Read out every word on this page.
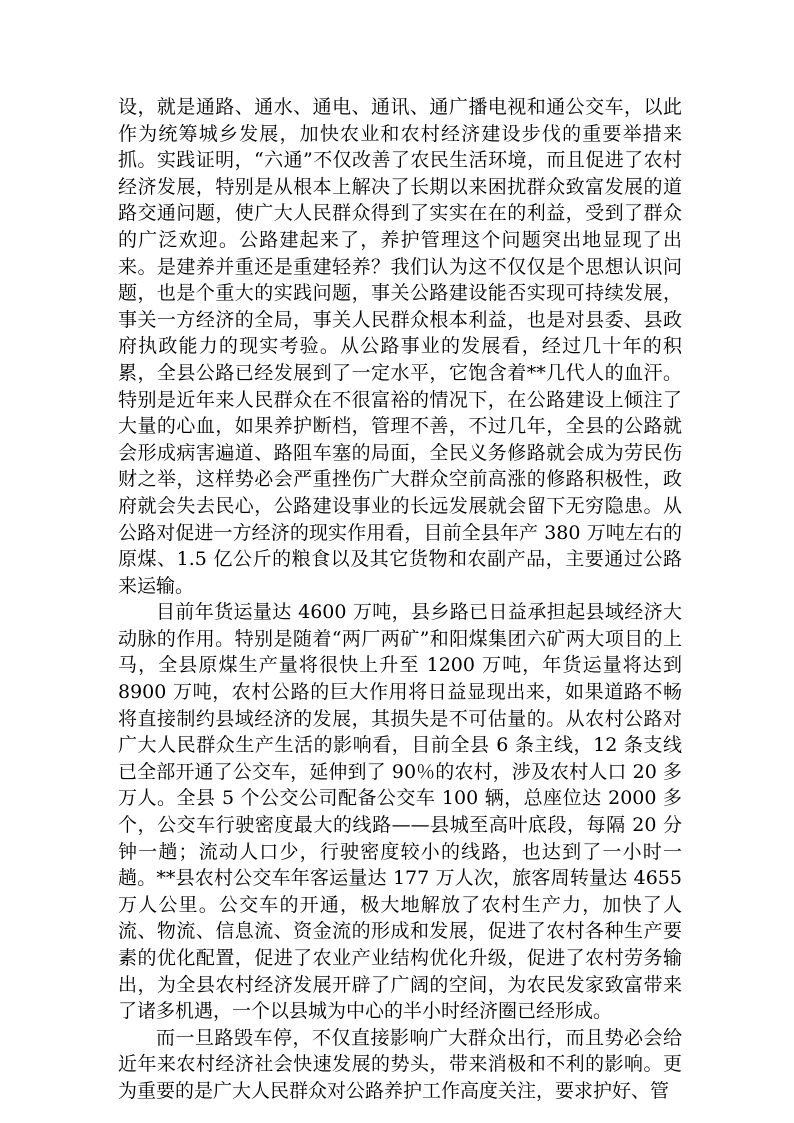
设，就是通路、通水、通电、通讯、通广播电视和通公交车，以此作为统筹城乡发展，加快农业和农村经济建设步伐的重要举措来抓。实践证明，“六通”不仅改善了农民生活环境，而且促进了农村经济发展，特别是从根本上解决了长期以来困扰群众致富发展的道路交通问题，使广大人民群众得到了实实在在的利益，受到了群众的广泛欢迎。公路建起来了，养护管理这个问题突出地显现了出来。是建养并重还是重建轻养？我们认为这不仅仅是个思想认识问题，也是个重大的实践问题，事关公路建设能否实现可持续发展，事关一方经济的全局，事关人民群众根本利益，也是对县委、县政府执政能力的现实考验。从公路事业的发展看，经过几十年的积累，全县公路已经发展到了一定水平，它饱含着**几代人的血汗。特别是近年来人民群众在不很富裕的情况下，在公路建设上倾注了大量的心血，如果养护断档，管理不善，不过几年，全县的公路就会形成病害遍道、路阻车塞的局面，全民义务修路就会成为劳民伤财之举，这样势必会严重挫伤广大群众空前高涨的修路积极性，政府就会失去民心，公路建设事业的长远发展就会留下无穷隐患。从公路对促进一方经济的现实作用看，目前全县年产 380 万吨左右的原煤、1.5 亿公斤的粮食以及其它货物和农副产品，主要通过公路来运输。

目前年货运量达 4600 万吨，县乡路已日益承担起县域经济大动脉的作用。特别是随着“两厂两矿”和阳煤集团六矿两大项目的上马，全县原煤生产量将很快上升至 1200 万吨，年货运量将达到 8900 万吨，农村公路的巨大作用将日益显现出来，如果道路不畅将直接制约县域经济的发展，其损失是不可估量的。从农村公路对广大人民群众生产生活的影响看，目前全县 6 条主线，12 条支线已全部开通了公交车，延伸到了 90％的农村，涉及农村人口 20 多万人。全县 5 个公交公司配备公交车 100 辆，总座位达 2000 多个，公交车行驶密度最大的线路——县城至高叶底段，每隔 20 分钟一趟；流动人口少，行驶密度较小的线路，也达到了一小时一趟。**县农村公交车年客运量达 177 万人次，旅客周转量达 4655 万人公里。公交车的开通，极大地解放了农村生产力，加快了人流、物流、信息流、资金流的形成和发展，促进了农村各种生产要素的优化配置，促进了农业产业结构优化升级，促进了农村劳务输出，为全县农村经济发展开辟了广阔的空间，为农民发家致富带来了诸多机遇，一个以县城为中心的半小时经济圈已经形成。

而一旦路毁车停，不仅直接影响广大群众出行，而且势必会给近年来农村经济社会快速发展的势头，带来消极和不利的影响。更为重要的是广大人民群众对公路养护工作高度关注，要求护好、管
